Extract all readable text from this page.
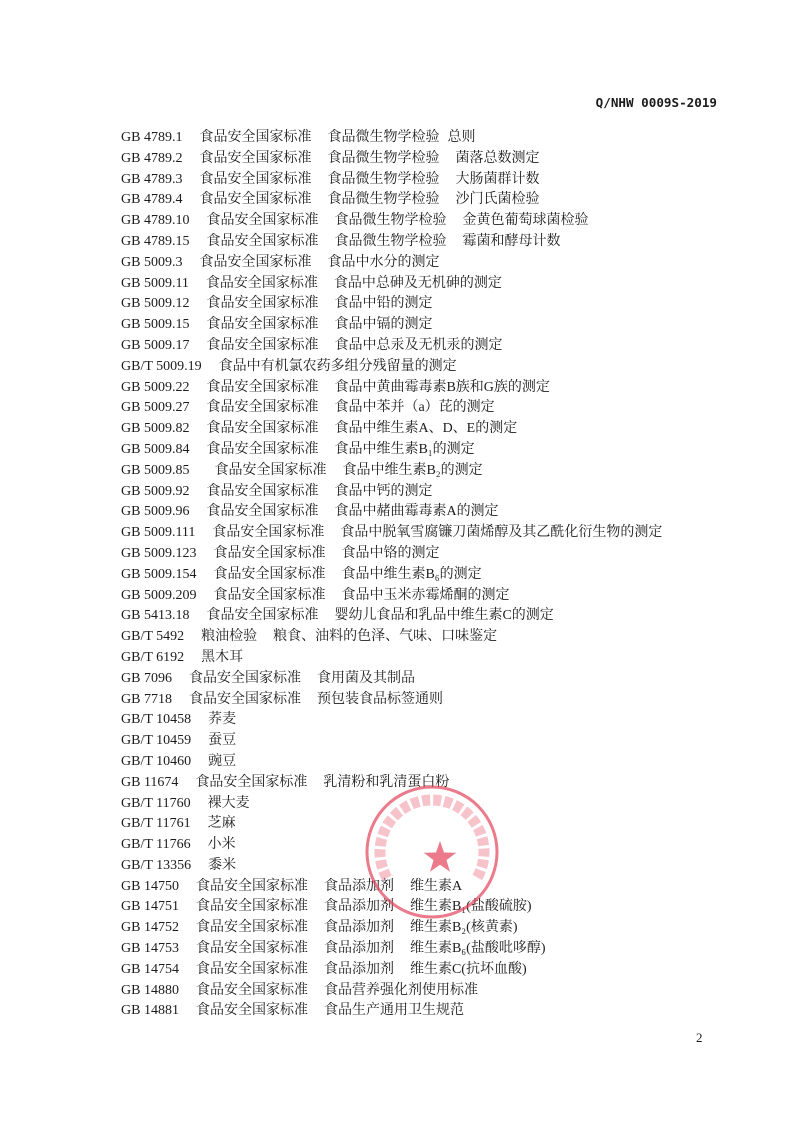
Q/NHW 0009S-2019
GB 4789.1 食品安全国家标准  食品微生物学检验 总则
GB 4789.2 食品安全国家标准  食品微生物学检验  菌落总数测定
GB 4789.3 食品安全国家标准  食品微生物学检验  大肠菌群计数
GB 4789.4 食品安全国家标准  食品微生物学检验  沙门氏菌检验
GB 4789.10 食品安全国家标准  食品微生物学检验  金黄色葡萄球菌检验
GB 4789.15 食品安全国家标准  食品微生物学检验  霉菌和酵母计数
GB 5009.3 食品安全国家标准  食品中水分的测定
GB 5009.11 食品安全国家标准  食品中总砷及无机砷的测定
GB 5009.12 食品安全国家标准  食品中铅的测定
GB 5009.15 食品安全国家标准  食品中镉的测定
GB 5009.17 食品安全国家标准  食品中总汞及无机汞的测定
GB/T 5009.19 食品中有机氯农药多组分残留量的测定
GB 5009.22 食品安全国家标准  食品中黄曲霉毒素B族和G族的测定
GB 5009.27 食品安全国家标准  食品中苯并（a）芘的测定
GB 5009.82 食品安全国家标准  食品中维生素A、D、E的测定
GB 5009.84 食品安全国家标准  食品中维生素B₁的测定
GB 5009.85 食品安全国家标准  食品中维生素B₂的测定
GB 5009.92 食品安全国家标准  食品中钙的测定
GB 5009.96 食品安全国家标准  食品中赭曲霉毒素A的测定
GB 5009.111 食品安全国家标准  食品中脱氧雪腐镰刀菌烯醇及其乙酰化衍生物的测定
GB 5009.123 食品安全国家标准  食品中铬的测定
GB 5009.154 食品安全国家标准  食品中维生素B₆的测定
GB 5009.209 食品安全国家标准  食品中玉米赤霉烯酮的测定
GB 5413.18 食品安全国家标准  婴幼儿食品和乳品中维生素C的测定
GB/T 5492 粮油检验  粮食、油料的色泽、气味、口味鉴定
GB/T 6192 黑木耳
GB 7096 食品安全国家标准  食用菌及其制品
GB 7718 食品安全国家标准  预包装食品标签通则
GB/T 10458 荞麦
GB/T 10459 蚕豆
GB/T 10460 豌豆
GB 11674 食品安全国家标准  乳清粉和乳清蛋白粉
GB/T 11760 裸大麦
GB/T 11761 芝麻
GB/T 11766 小米
GB/T 13356 黍米
GB 14750 食品安全国家标准  食品添加剂  维生素A
GB 14751 食品安全国家标准  食品添加剂  维生素B₁(盐酸硫胺)
GB 14752 食品安全国家标准  食品添加剂  维生素B₂(核黄素)
GB 14753 食品安全国家标准  食品添加剂  维生素B₆(盐酸吡哆醇)
GB 14754 食品安全国家标准  食品添加剂  维生素C(抗坏血酸)
GB 14880 食品安全国家标准  食品营养强化剂使用标准
GB 14881 食品安全国家标准  食品生产通用卫生规范
2
